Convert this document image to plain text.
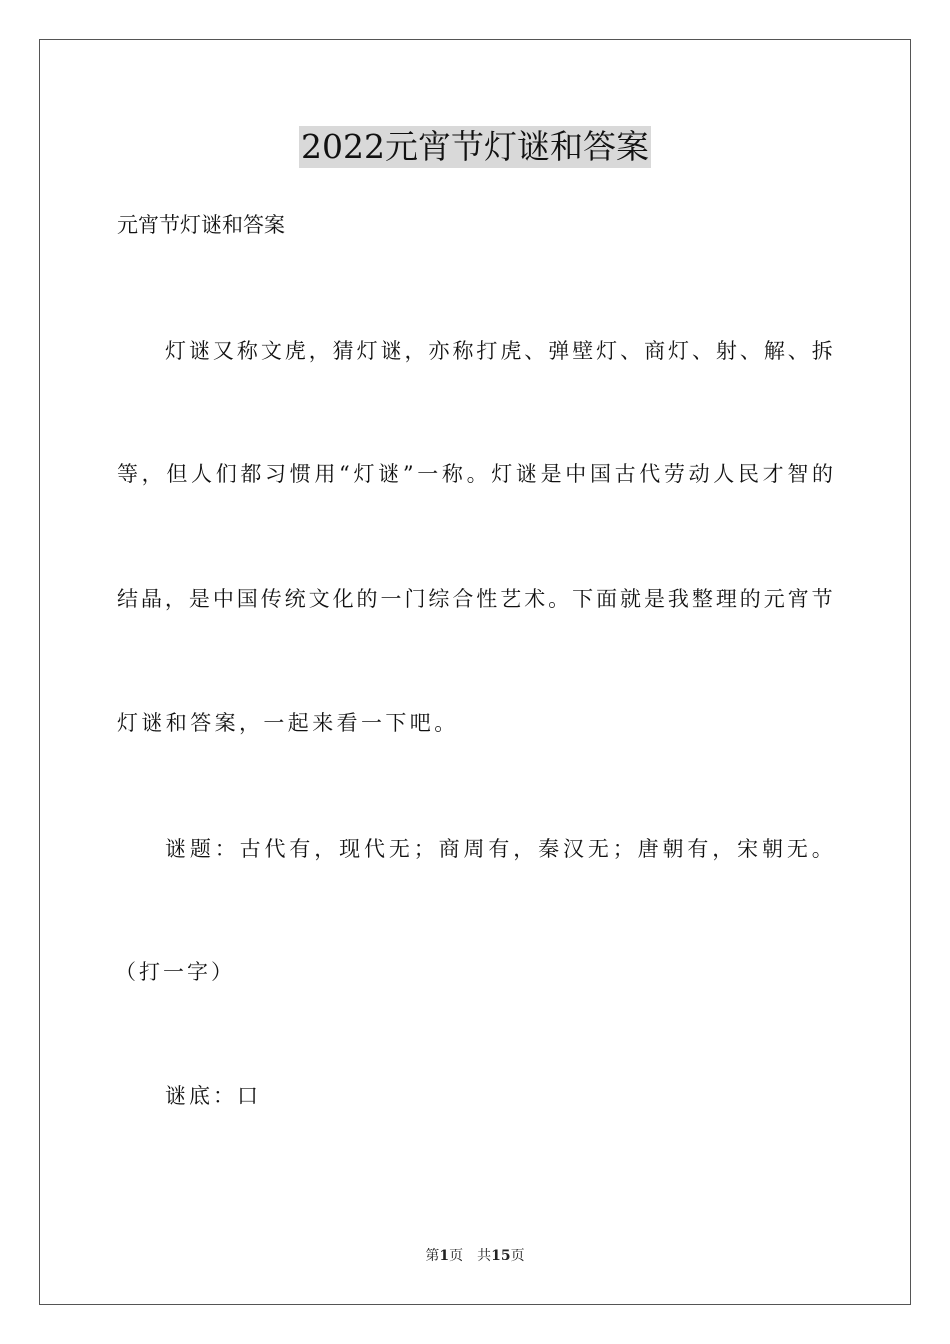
2022元宵节灯谜和答案
元宵节灯谜和答案
灯 谜 又 称 文 虎 ， 猜 灯 谜 ， 亦 称 打 虎 、 弹 壁 灯 、 商 灯 、 射 、 解 、 拆
等 ， 但 人 们 都 习 惯 用 “ 灯 谜 ” 一 称 。 灯 谜 是 中 国 古 代 劳 动 人 民 才 智 的
结 晶 ， 是 中 国 传 统 文 化 的 一 门 综 合 性 艺 术 。 下 面 就 是 我 整 理 的 元 宵 节
灯谜和答案，一起来看一下吧。
谜 题 ： 古 代 有 ， 现 代 无 ； 商 周 有 ， 秦 汉 无 ； 唐 朝 有 ， 宋 朝 无 。
（打一字）
谜底：口
第1页　共15页
